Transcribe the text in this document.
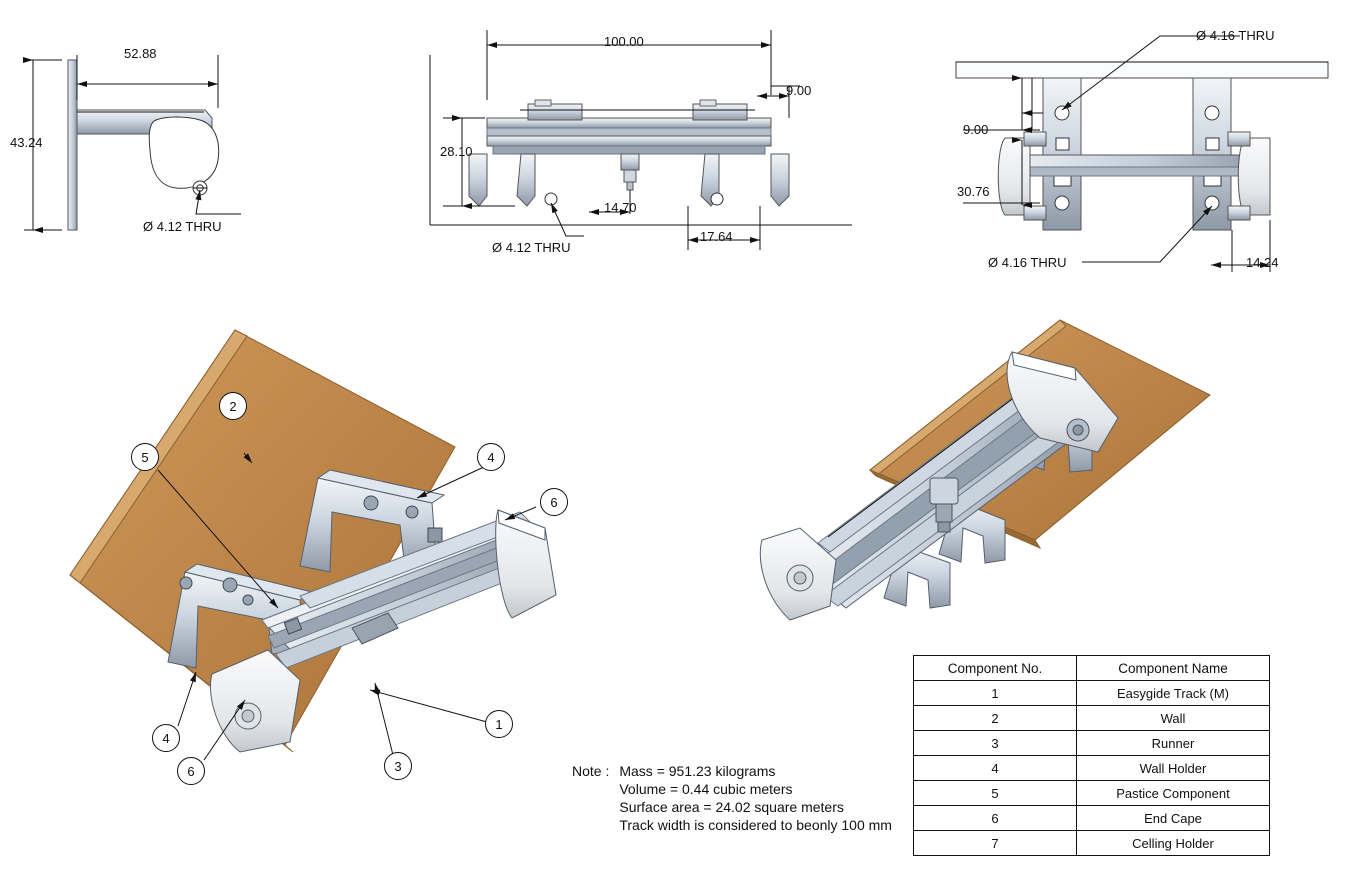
52.88
43.24
Ø 4.12 THRU
100.00
9.00
28.10
14.70
17.64
Ø 4.12 THRU
Ø 4.16 THRU
9.00
30.76
Ø 4.16 THRU	14.24
2
5	4
6
1
3
4
6	Note : Mass = 951.23 kilograms
Volume = 0.44 cubic meters
Surface area = 24.02 square meters
Track width is considered to beonly 100 mm
Component No.	Component Name
1	Easygide Track (M)
2	Wall
3	Runner
4	Wall Holder
5	Pastice Component
6	End Cape
7	Celling Holder
